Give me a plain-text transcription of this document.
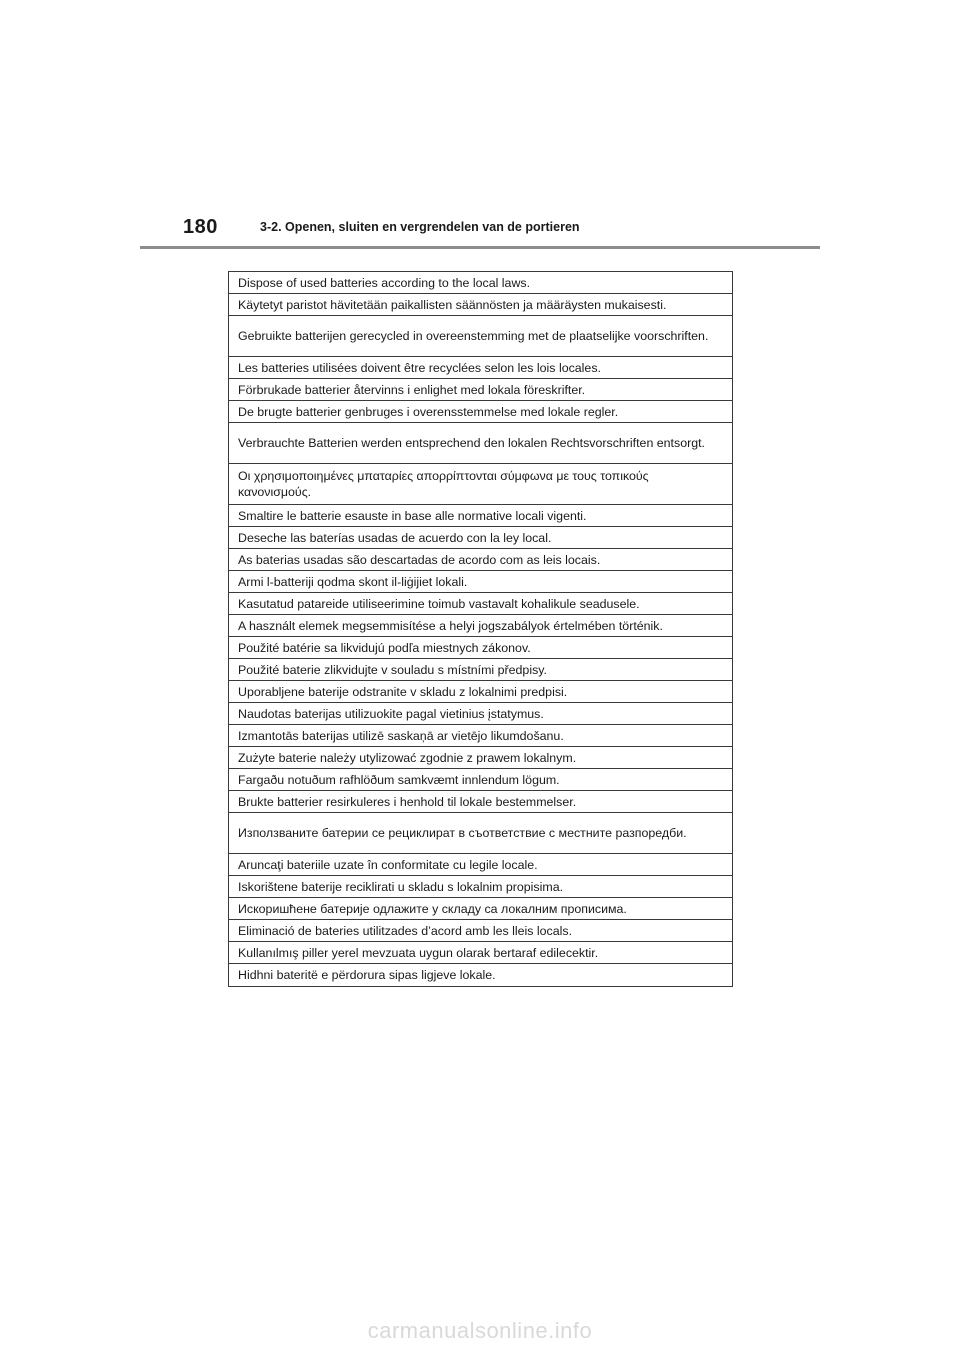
180	3-2. Openen, sluiten en vergrendelen van de portieren
Dispose of used batteries according to the local laws.
Käytetyt paristot hävitetään paikallisten säännösten ja määräysten mukaisesti.
Gebruikte batterijen gerecycled in overeenstemming met de plaatselijke voorschriften.
Les batteries utilisées doivent être recyclées selon les lois locales.
Förbrukade batterier återvinns i enlighet med lokala föreskrifter.
De brugte batterier genbruges i overensstemmelse med lokale regler.
Verbrauchte Batterien werden entsprechend den lokalen Rechtsvorschriften entsorgt.
Οι χρησιμοποιημένες μπαταρίες απορρίπτονται σύμφωνα με τους τοπικούς κανονισμούς.
Smaltire le batterie esauste in base alle normative locali vigenti.
Deseche las baterías usadas de acuerdo con la ley local.
As baterias usadas são descartadas de acordo com as leis locais.
Armi l-batteriji qodma skont il-liġijiet lokali.
Kasutatud patareide utiliseerimine toimub vastavalt kohalikule seadusele.
A használt elemek megsemmisítése a helyi jogszabályok értelmében történik.
Použité batérie sa likvidujú podľa miestnych zákonov.
Použité baterie zlikvidujte v souladu s místními předpisy.
Uporabljene baterije odstranite v skladu z lokalnimi predpisi.
Naudotas baterijas utilizuokite pagal vietinius įstatymus.
Izmantotās baterijas utilizē saskaņā ar vietējo likumdošanu.
Zużyte baterie należy utylizować zgodnie z prawem lokalnym.
Fargaðu notuðum rafhlöðum samkvæmt innlendum lögum.
Brukte batterier resirkuleres i henhold til lokale bestemmelser.
Използваните батерии се рециклират в съответствие с местните разпоредби.
Aruncaţi bateriile uzate în conformitate cu legile locale.
Iskorištene baterije reciklirati u skladu s lokalnim propisima.
Искоришћене батерије одлажите у складу са локалним прописима.
Eliminació de bateries utilitzades d’acord amb les lleis locals.
Kullanılmış piller yerel mevzuata uygun olarak bertaraf edilecektir.
Hidhni bateritë e përdorura sipas ligjeve lokale.
carmanualsonline.info
